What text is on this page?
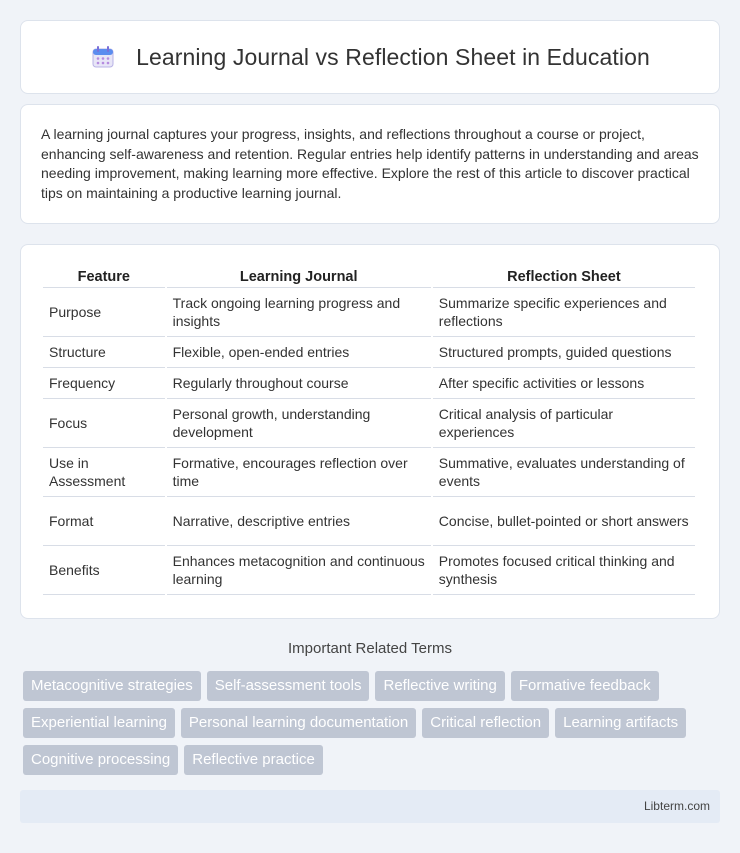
Learning Journal vs Reflection Sheet in Education

A learning journal captures your progress, insights, and reflections throughout a course or project, enhancing self-awareness and retention. Regular entries help identify patterns in understanding and areas needing improvement, making learning more effective. Explore the rest of this article to discover practical tips on maintaining a productive learning journal.

Feature	Learning Journal	Reflection Sheet
Purpose	Track ongoing learning progress and insights	Summarize specific experiences and reflections
Structure	Flexible, open-ended entries	Structured prompts, guided questions
Frequency	Regularly throughout course	After specific activities or lessons
Focus	Personal growth, understanding development	Critical analysis of particular experiences
Use in Assessment	Formative, encourages reflection over time	Summative, evaluates understanding of events
Format	Narrative, descriptive entries	Concise, bullet-pointed or short answers
Benefits	Enhances metacognition and continuous learning	Promotes focused critical thinking and synthesis
Important Related Terms
Metacognitive strategies	Self-assessment tools	Reflective writing	Formative feedback
Experiential learning	Personal learning documentation	Critical reflection	Learning artifacts
Cognitive processing	Reflective practice
Libterm.com
